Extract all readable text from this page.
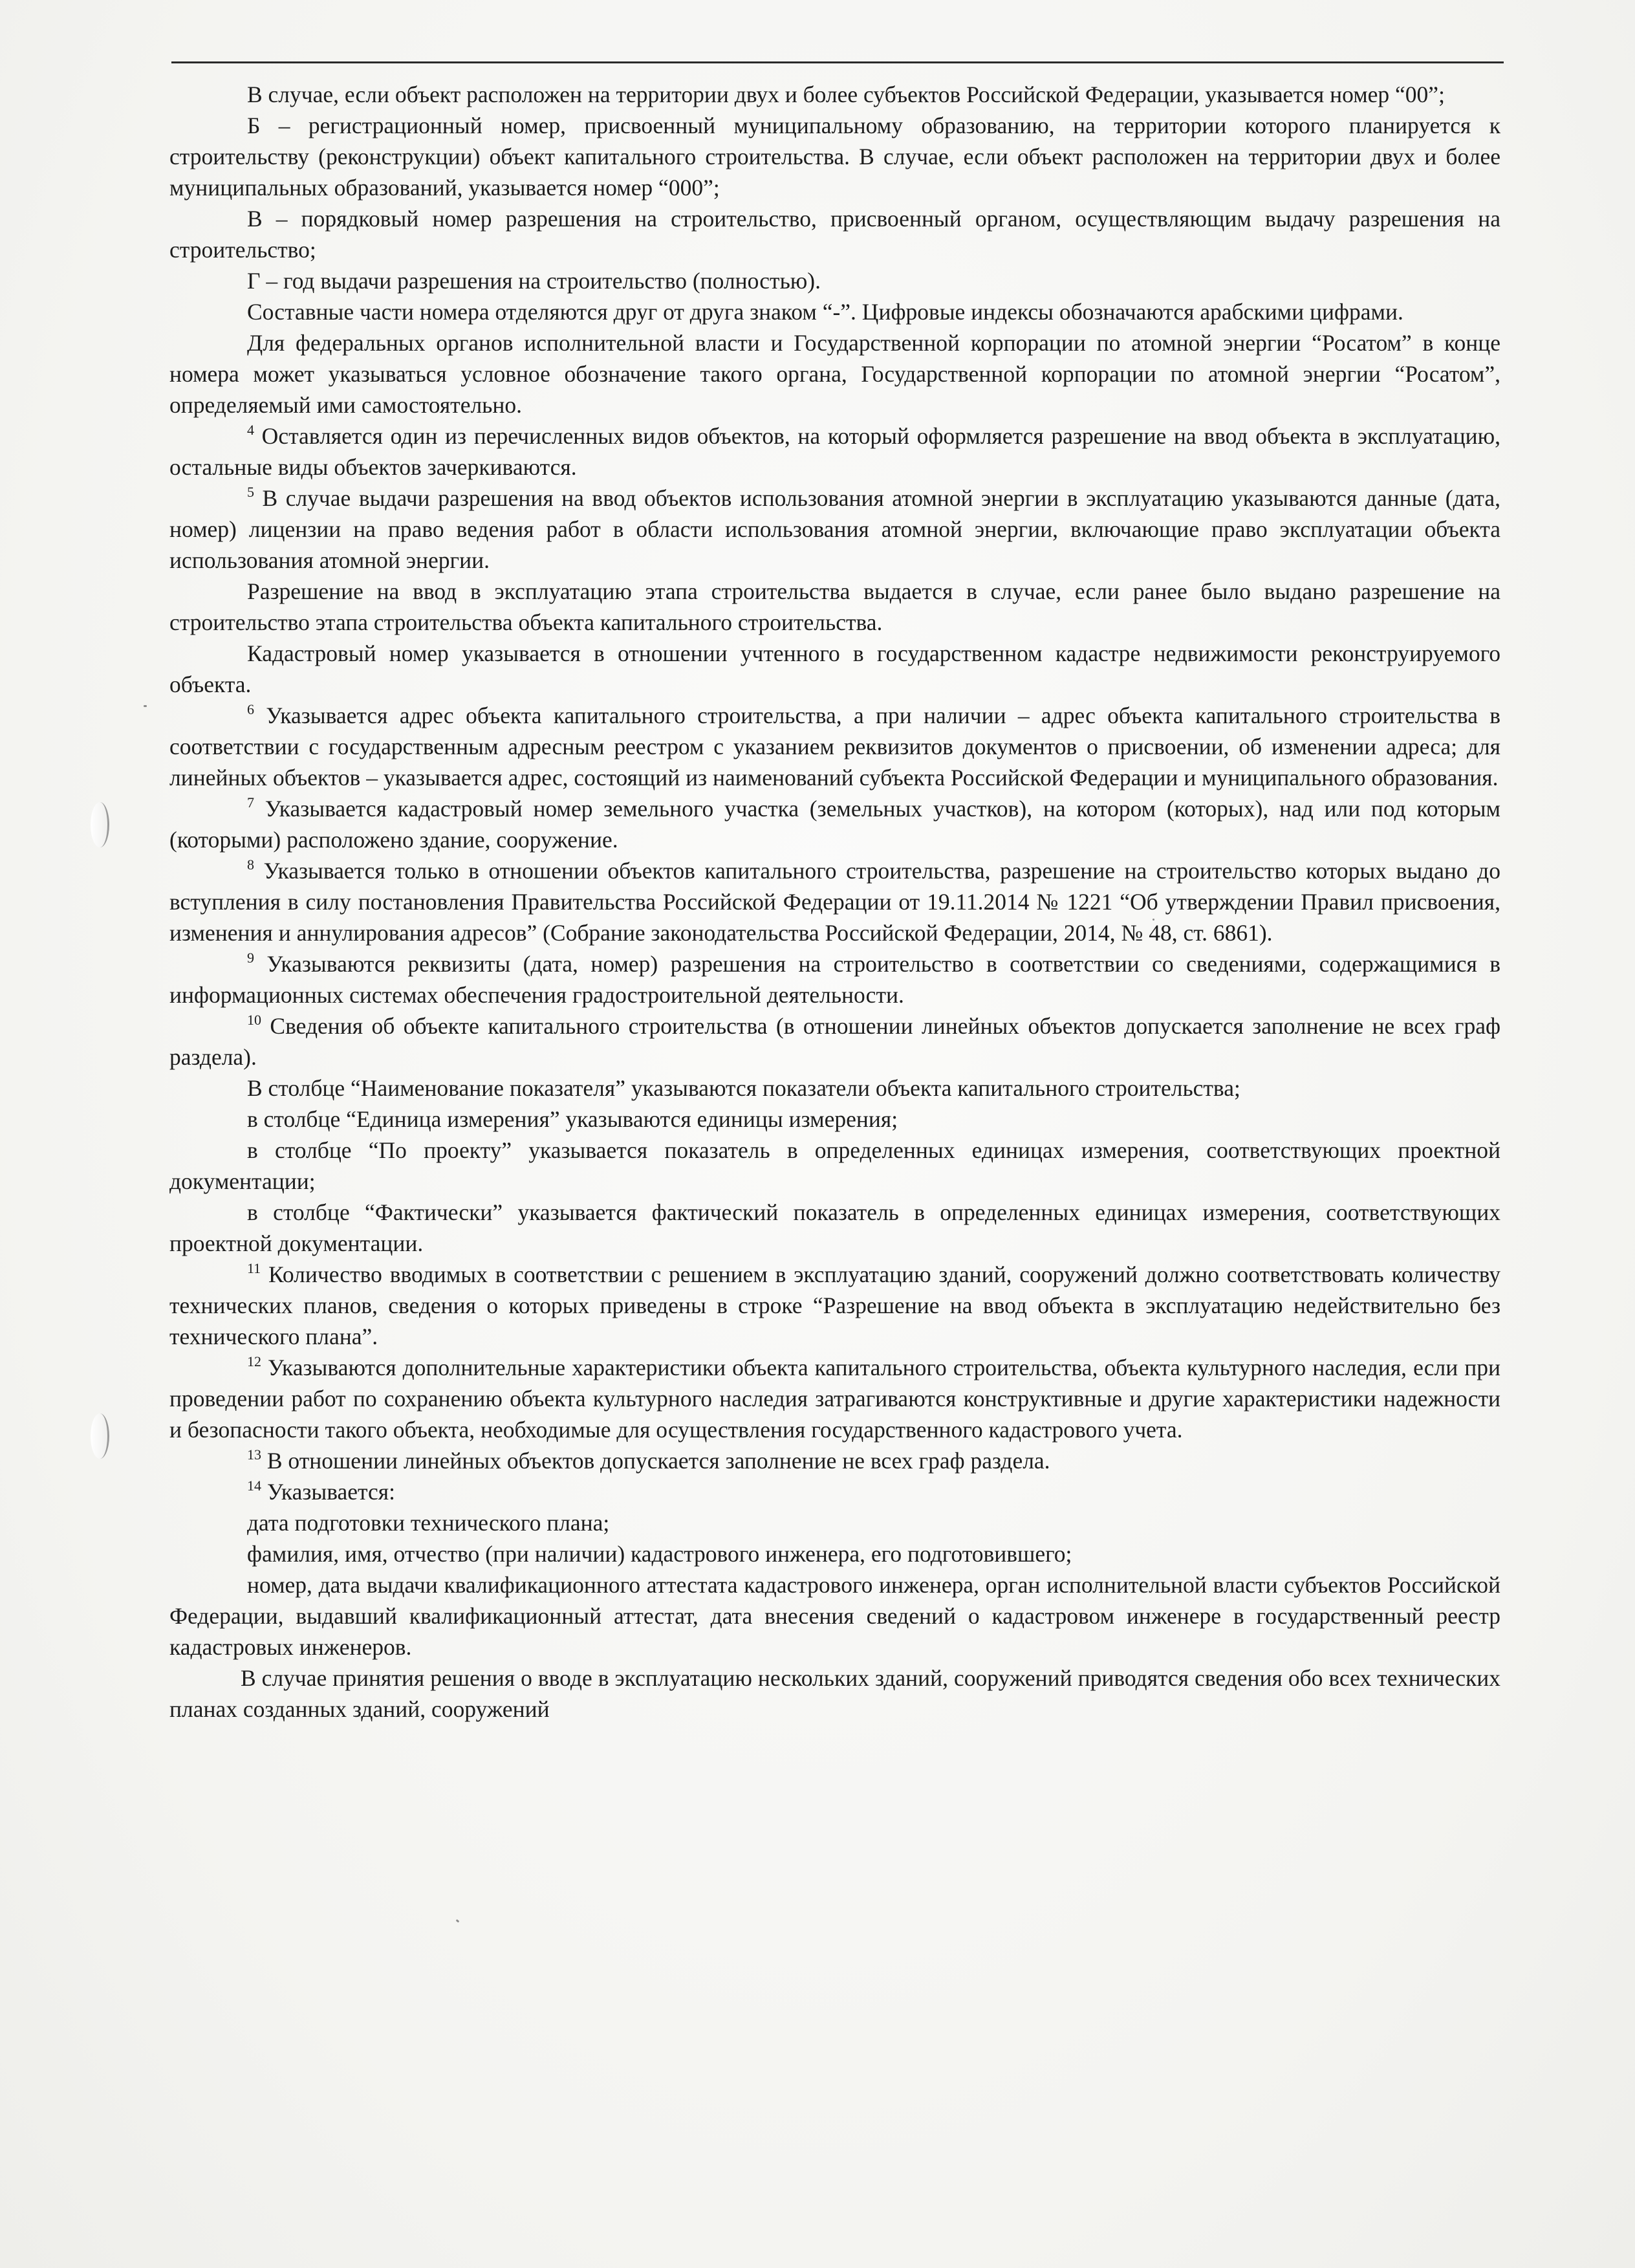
В случае, если объект расположен на территории двух и более субъектов Российской Федерации, указывается номер “00”;

Б – регистрационный номер, присвоенный муниципальному образованию, на территории которого планируется к строительству (реконструкции) объект капитального строительства. В случае, если объект расположен на территории двух и более муниципальных образований, указывается номер “000”;

В – порядковый номер разрешения на строительство, присвоенный органом, осуществляющим выдачу разрешения на строительство;

Г – год выдачи разрешения на строительство (полностью).

Составные части номера отделяются друг от друга знаком “-”. Цифровые индексы обозначаются арабскими цифрами.

Для федеральных органов исполнительной власти и Государственной корпорации по атомной энергии “Росатом” в конце номера может указываться условное обозначение такого органа, Государственной корпорации по атомной энергии “Росатом”, определяемый ими самостоятельно.

$^4$ Оставляется один из перечисленных видов объектов, на который оформляется разрешение на ввод объекта в эксплуатацию, остальные виды объектов зачеркиваются.

$^5$ В случае выдачи разрешения на ввод объектов использования атомной энергии в эксплуатацию указываются данные (дата, номер) лицензии на право ведения работ в области использования атомной энергии, включающие право эксплуатации объекта использования атомной энергии.

Разрешение на ввод в эксплуатацию этапа строительства выдается в случае, если ранее было выдано разрешение на строительство этапа строительства объекта капитального строительства.

Кадастровый номер указывается в отношении учтенного в государственном кадастре недвижимости реконструируемого объекта.

$^6$ Указывается адрес объекта капитального строительства, а при наличии – адрес объекта капитального строительства в соответствии с государственным адресным реестром с указанием реквизитов документов о присвоении, об изменении адреса; для линейных объектов – указывается адрес, состоящий из наименований субъекта Российской Федерации и муниципального образования.

$^7$ Указывается кадастровый номер земельного участка (земельных участков), на котором (которых), над или под которым (которыми) расположено здание, сооружение.

$^8$ Указывается только в отношении объектов капитального строительства, разрешение на строительство которых выдано до вступления в силу постановления Правительства Российской Федерации от 19.11.2014 № 1221 “Об утверждении Правил присвоения, изменения и аннулирования адресов” (Собрание законодательства Российской Федерации, 2014, № 48, ст. 6861).

$^9$ Указываются реквизиты (дата, номер) разрешения на строительство в соответствии со сведениями, содержащимися в информационных системах обеспечения градостроительной деятельности.

$^{10}$ Сведения об объекте капитального строительства (в отношении линейных объектов допускается заполнение не всех граф раздела).

В столбце “Наименование показателя” указываются показатели объекта капитального строительства;

в столбце “Единица измерения” указываются единицы измерения;

в столбце “По проекту” указывается показатель в определенных единицах измерения, соответствующих проектной документации;

в столбце “Фактически” указывается фактический показатель в определенных единицах измерения, соответствующих проектной документации.

$^{11}$ Количество вводимых в соответствии с решением в эксплуатацию зданий, сооружений должно соответствовать количеству технических планов, сведения о которых приведены в строке “Разрешение на ввод объекта в эксплуатацию недействительно без технического плана”.

$^{12}$ Указываются дополнительные характеристики объекта капитального строительства, объекта культурного наследия, если при проведении работ по сохранению объекта культурного наследия затрагиваются конструктивные и другие характеристики надежности и безопасности такого объекта, необходимые для осуществления государственного кадастрового учета.

$^{13}$ В отношении линейных объектов допускается заполнение не всех граф раздела.

$^{14}$ Указывается:

дата подготовки технического плана;

фамилия, имя, отчество (при наличии) кадастрового инженера, его подготовившего;

номер, дата выдачи квалификационного аттестата кадастрового инженера, орган исполнительной власти субъектов Российской Федерации, выдавший квалификационный аттестат, дата внесения сведений о кадастровом инженере в государственный реестр кадастровых инженеров.

В случае принятия решения о вводе в эксплуатацию нескольких зданий, сооружений приводятся сведения обо всех технических планах созданных зданий, сооружений
